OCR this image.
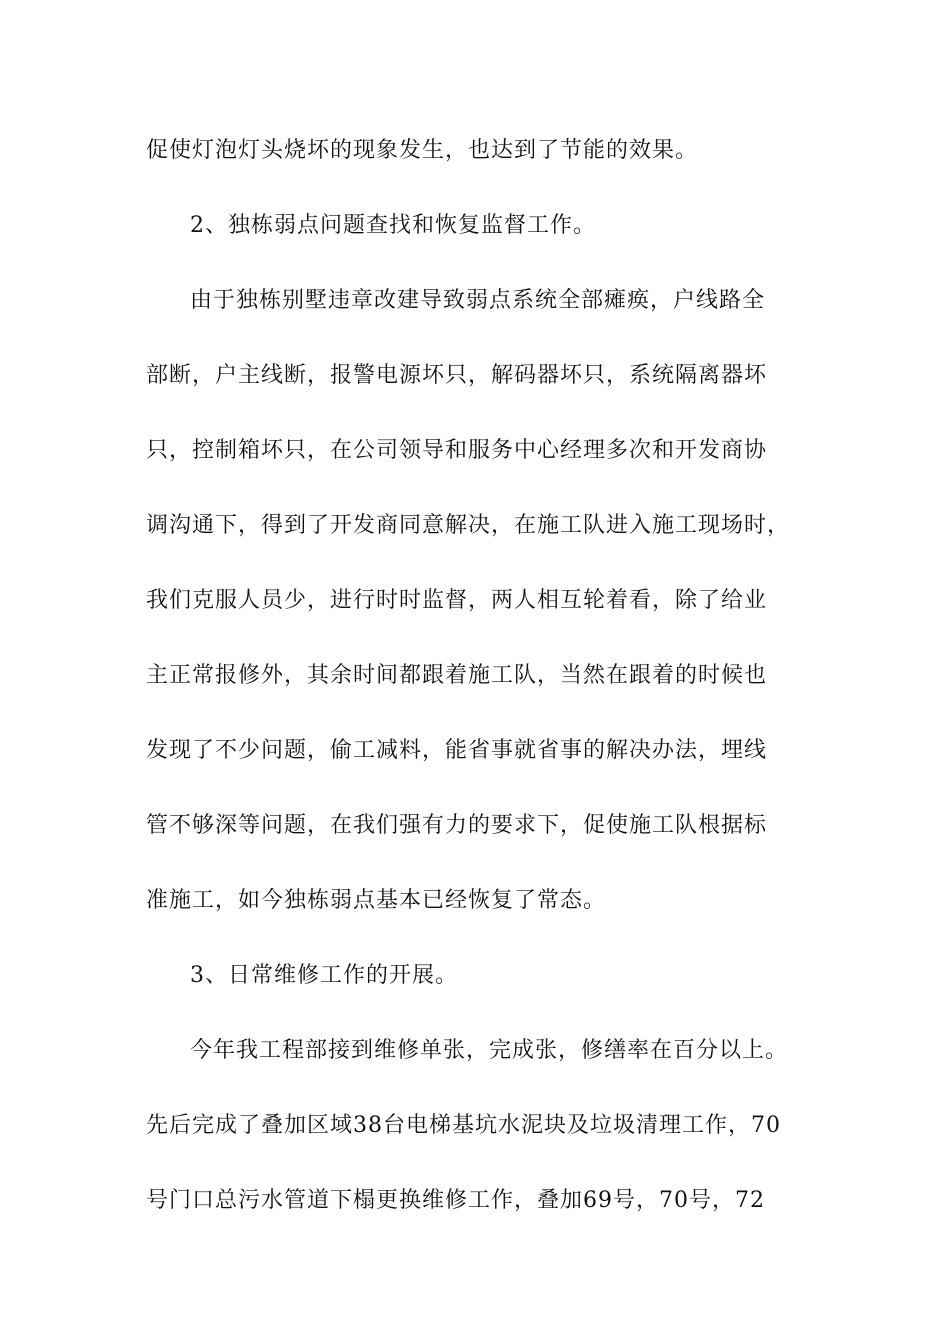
促使灯泡灯头烧坏的现象发生，也达到了节能的效果。
2、独栋弱点问题查找和恢复监督工作。
由于独栋别墅违章改建导致弱点系统全部瘫痪，户线路全
部断，户主线断，报警电源坏只，解码器坏只，系统隔离器坏
只，控制箱坏只，在公司领导和服务中心经理多次和开发商协
调沟通下，得到了开发商同意解决，在施工队进入施工现场时，
我们克服人员少，进行时时监督，两人相互轮着看，除了给业
主正常报修外，其余时间都跟着施工队，当然在跟着的时候也
发现了不少问题，偷工减料，能省事就省事的解决办法，埋线
管不够深等问题，在我们强有力的要求下，促使施工队根据标
准施工，如今独栋弱点基本已经恢复了常态。
3、日常维修工作的开展。
今年我工程部接到维修单张，完成张，修缮率在百分以上。
先后完成了叠加区域38台电梯基坑水泥块及垃圾清理工作，70
号门口总污水管道下榻更换维修工作，叠加69号，70号，72
